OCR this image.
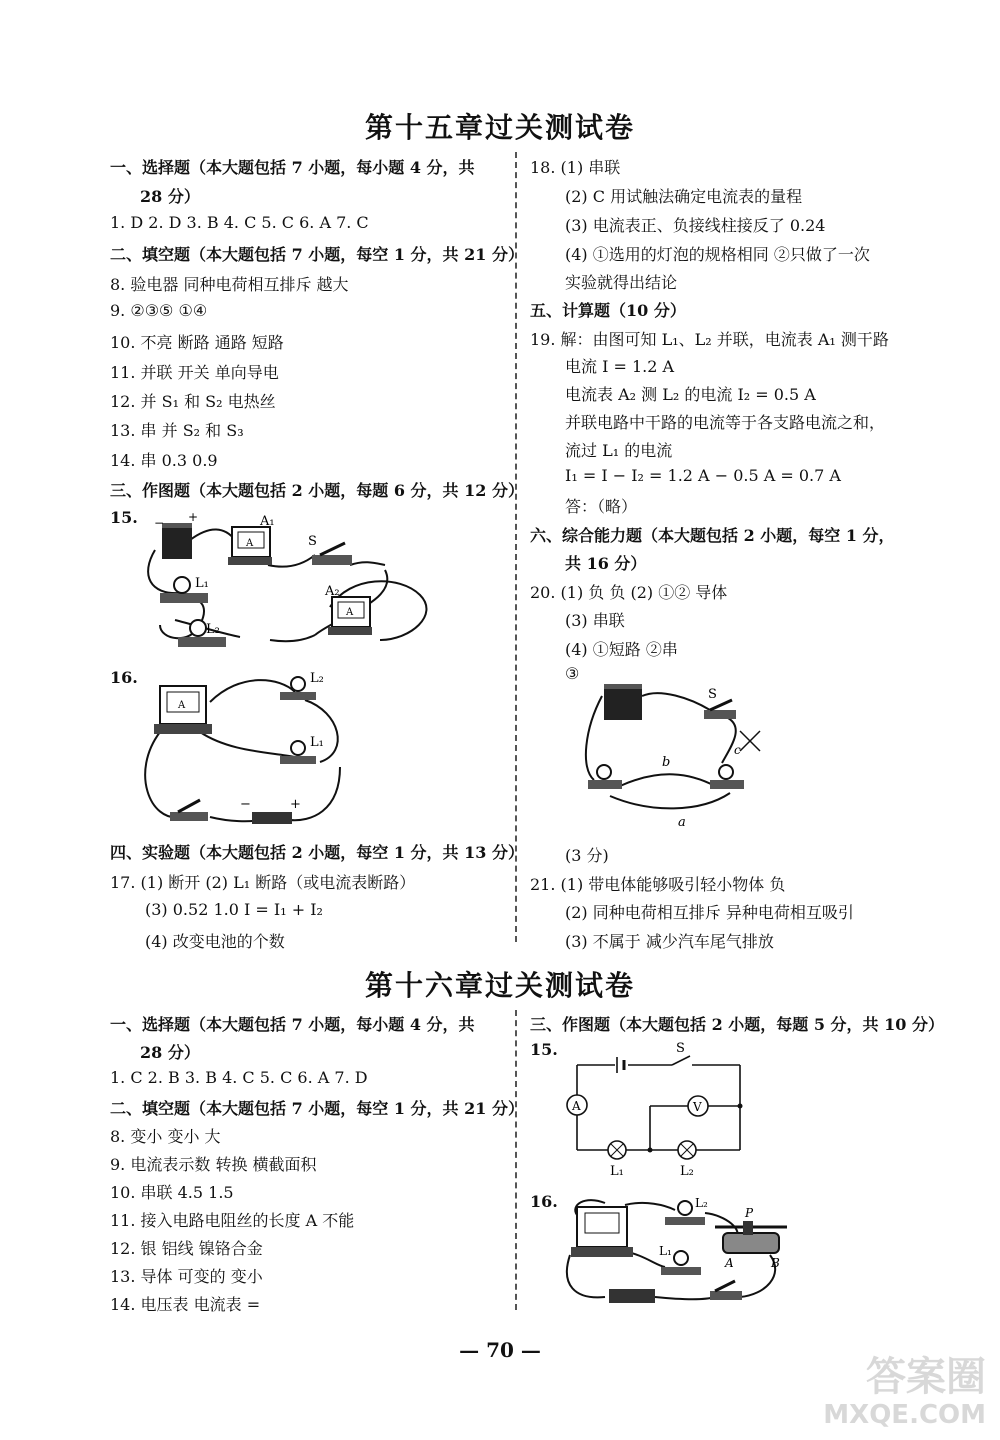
第十五章过关测试卷
一、选择题（本大题包括 7 小题，每小题 4 分，共
28 分）
1. D 2. D 3. B 4. C 5. C 6. A 7. C
二、填空题（本大题包括 7 小题，每空 1 分，共 21 分）
8. 验电器 同种电荷相互排斥 越大
9. ②③⑤ ①④
10. 不亮 断路 通路 短路
11. 并联 开关 单向导电
12. 并 S₁ 和 S₂ 电热丝
13. 串 并 S₂ 和 S₃
14. 串 0.3 0.9
三、作图题（本大题包括 2 小题，每题 6 分，共 12 分）
15.
16.
四、实验题（本大题包括 2 小题，每空 1 分，共 13 分）
17. (1) 断开 (2) L₁ 断路（或电流表断路）
(3) 0.52 1.0 I = I₁ + I₂
(4) 改变电池的个数
− +
A
A₁
S
L₁
A
A₂
L₂
A
L₂
L₁
−	+
18. (1) 串联
(2) C 用试触法确定电流表的量程
(3) 电流表正、负接线柱接反了 0.24
(4) ①选用的灯泡的规格相同 ②只做了一次
实验就得出结论
五、计算题（10 分）
19. 解：由图可知 L₁、L₂ 并联，电流表 A₁ 测干路
电流 I = 1.2 A
电流表 A₂ 测 L₂ 的电流 I₂ = 0.5 A
并联电路中干路的电流等于各支路电流之和，
流过 L₁ 的电流
I₁ = I − I₂ = 1.2 A − 0.5 A = 0.7 A
答：（略）
六、综合能力题（本大题包括 2 小题，每空 1 分，
共 16 分）
20. (1) 负 负 (2) ①② 导体
(3) 串联
(4) ①短路 ②串
③
(3 分)
21. (1) 带电体能够吸引轻小物体 负
(2) 同种电荷相互排斥 异种电荷相互吸引
(3) 不属于 减少汽车尾气排放
S
c
b
a
第十六章过关测试卷
一、选择题（本大题包括 7 小题，每小题 4 分，共
28 分）
1. C 2. B 3. B 4. C 5. C 6. A 7. D
二、填空题（本大题包括 7 小题，每空 1 分，共 21 分）
8. 变小 变小 大
9. 电流表示数 转换 横截面积
10. 串联 4.5 1.5
11. 接入电路电阻丝的长度 A 不能
12. 银 铝线 镍铬合金
13. 导体 可变的 变小
14. 电压表 电流表 =
三、作图题（本大题包括 2 小题，每题 5 分，共 10 分）
15.
16.
S
A	V
L₁	L₂
L₂
L₁
P
A	B
— 70 —
答案圈
MXQE.COM
